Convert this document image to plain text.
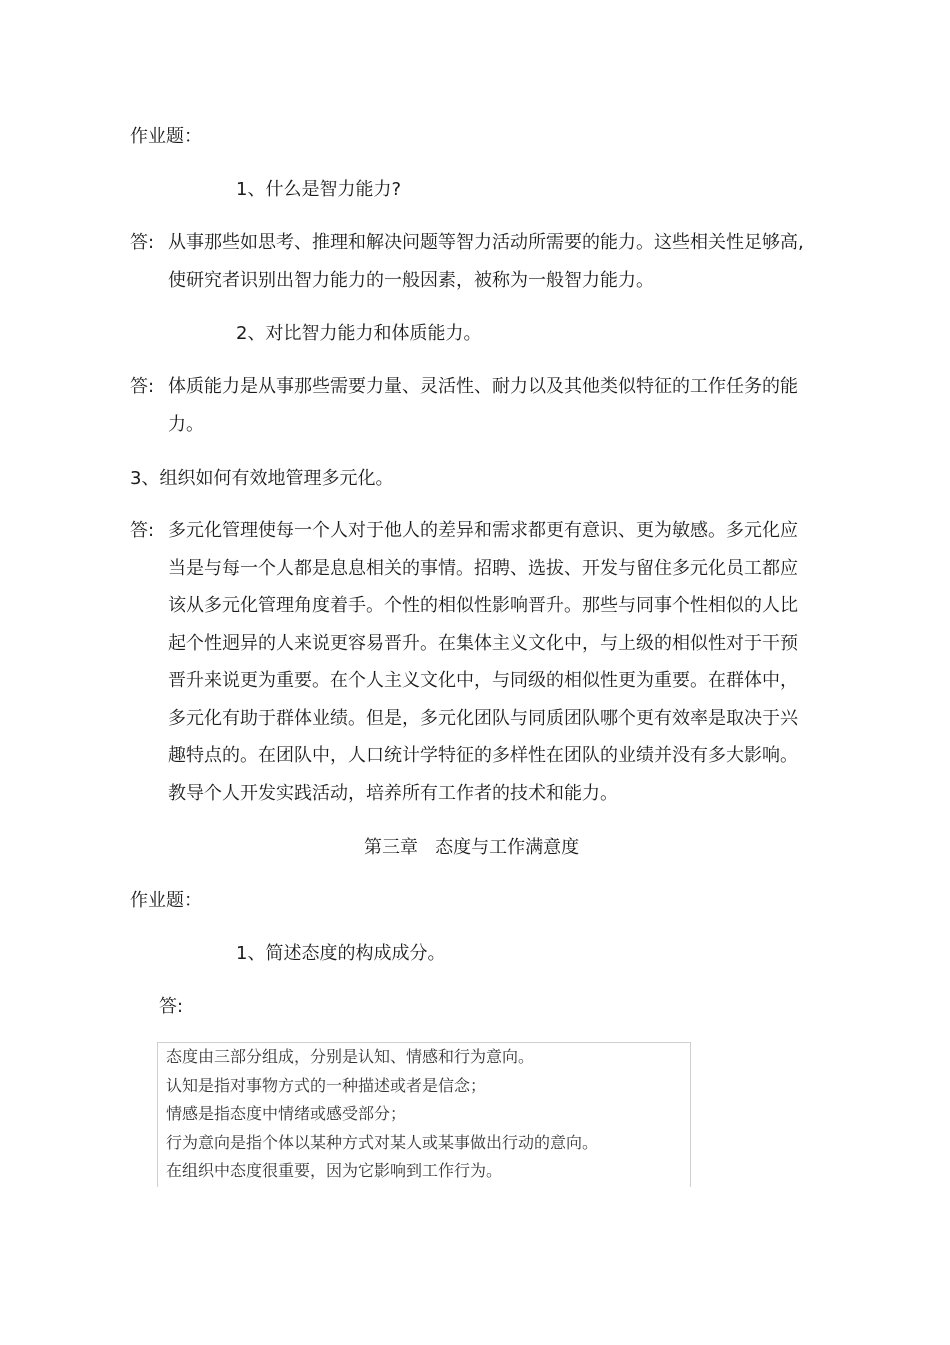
作业题：
1、什么是智力能力?
答: 从事那些如思考、推理和解决问题等智力活动所需要的能力。这些相关性足够高,
使研究者识别出智力能力的一般因素，被称为一般智力能力。
2、对比智力能力和体质能力。
答: 体质能力是从事那些需要力量、灵活性、耐力以及其他类似特征的工作任务的能
力。
3、组织如何有效地管理多元化。
答: 多元化管理使每一个人对于他人的差异和需求都更有意识、更为敏感。多元化应
当是与每一个人都是息息相关的事情。招聘、选拔、开发与留住多元化员工都应
该从多元化管理角度着手。个性的相似性影响晋升。那些与同事个性相似的人比
起个性迥异的人来说更容易晋升。在集体主义文化中，与上级的相似性对于干预
晋升来说更为重要。在个人主义文化中，与同级的相似性更为重要。在群体中，
多元化有助于群体业绩。但是，多元化团队与同质团队哪个更有效率是取决于兴
趣特点的。在团队中，人口统计学特征的多样性在团队的业绩并没有多大影响。
教导个人开发实践活动，培养所有工作者的技术和能力。
第三章   态度与工作满意度
作业题：
1、简述态度的构成成分。
答:
态度由三部分组成，分别是认知、情感和行为意向。
认知是指对事物方式的一种描述或者是信念；
情感是指态度中情绪或感受部分；
行为意向是指个体以某种方式对某人或某事做出行动的意向。
在组织中态度很重要，因为它影响到工作行为。
